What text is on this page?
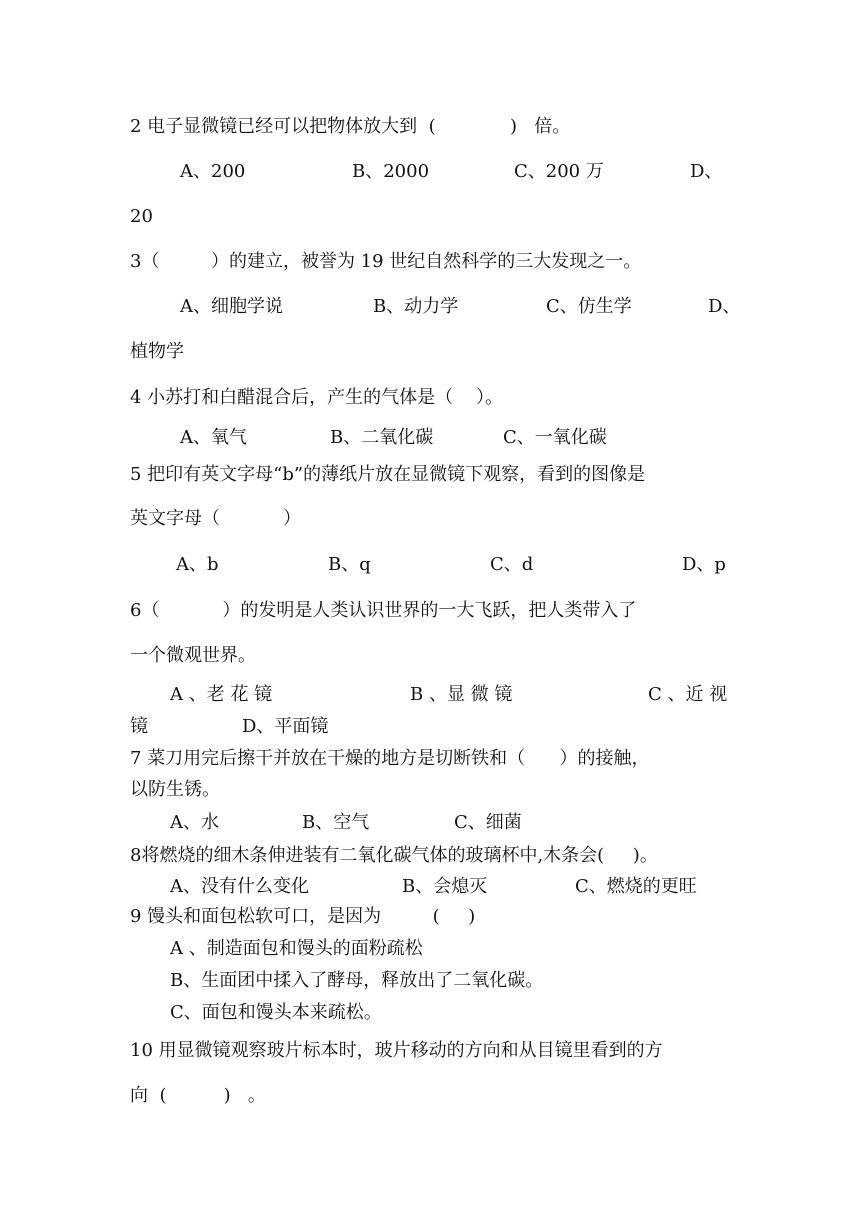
2 电子显微镜已经可以把物体放大到  (             )   倍。
A、200	B、2000	C、200 万	D、
20
3（         ）的建立，被誉为 19 世纪自然科学的三大发现之一。
A、细胞学说	B、动力学	C、仿生学	D、
植物学
4 小苏打和白醋混合后，产生的气体是（    ）。
A、氧气	B、二氧化碳	C、一氧化碳
5 把印有英文字母“b”的薄纸片放在显微镜下观察，看到的图像是
英文字母（           ）
A、b	B、q	C、d	D、p
6（           ）的发明是人类认识世界的一大飞跃，把人类带入了
一个微观世界。
A 、老 花 镜	B 、显 微 镜	C 、近 视
镜	D、平面镜
7 菜刀用完后擦干并放在干燥的地方是切断铁和（      ）的接触，
以防生锈。
A、水	B、空气	C、细菌
8将燃烧的细木条伸进装有二氧化碳气体的玻璃杯中,木条会(     )。
A、没有什么变化	B、会熄灭	C、燃烧的更旺
9 馒头和面包松软可口，是因为         (     )
A 、制造面包和馒头的面粉疏松
B、生面团中揉入了酵母，释放出了二氧化碳。
C、面包和馒头本来疏松。
10 用显微镜观察玻片标本时，玻片移动的方向和从目镜里看到的方
向  (          )   。
